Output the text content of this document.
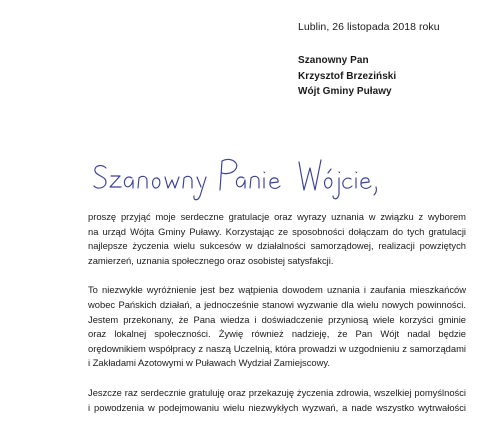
Lublin, 26 listopada 2018 roku
Szanowny Pan
Krzysztof Brzeziński
Wójt Gminy Puławy
proszę przyjąć moje serdeczne gratulacje oraz wyrazy uznania w związku z wyborem
na urząd Wójta Gminy Puławy. Korzystając ze sposobności dołączam do tych gratulacji
najlepsze życzenia wielu sukcesów w działalności samorządowej, realizacji powziętych
zamierzeń, uznania społecznego oraz osobistej satysfakcji.
To niezwykłe wyróżnienie jest bez wątpienia dowodem uznania i zaufania mieszkańców
wobec Pańskich działań, a jednocześnie stanowi wyzwanie dla wielu nowych powinności.
Jestem przekonany, że Pana wiedza i doświadczenie przyniosą wiele korzyści gminie
oraz lokalnej społeczności. Żywię również nadzieję, że Pan Wójt nadal będzie
orędownikiem współpracy z naszą Uczelnią, która prowadzi w uzgodnieniu z samorządami
i Zakładami Azotowymi w Puławach Wydział Zamiejscowy.
Jeszcze raz serdecznie gratuluję oraz przekazuję życzenia zdrowia, wszelkiej pomyślności
i powodzenia w podejmowaniu wielu niezwykłych wyzwań, a nade wszystko wytrwałości
